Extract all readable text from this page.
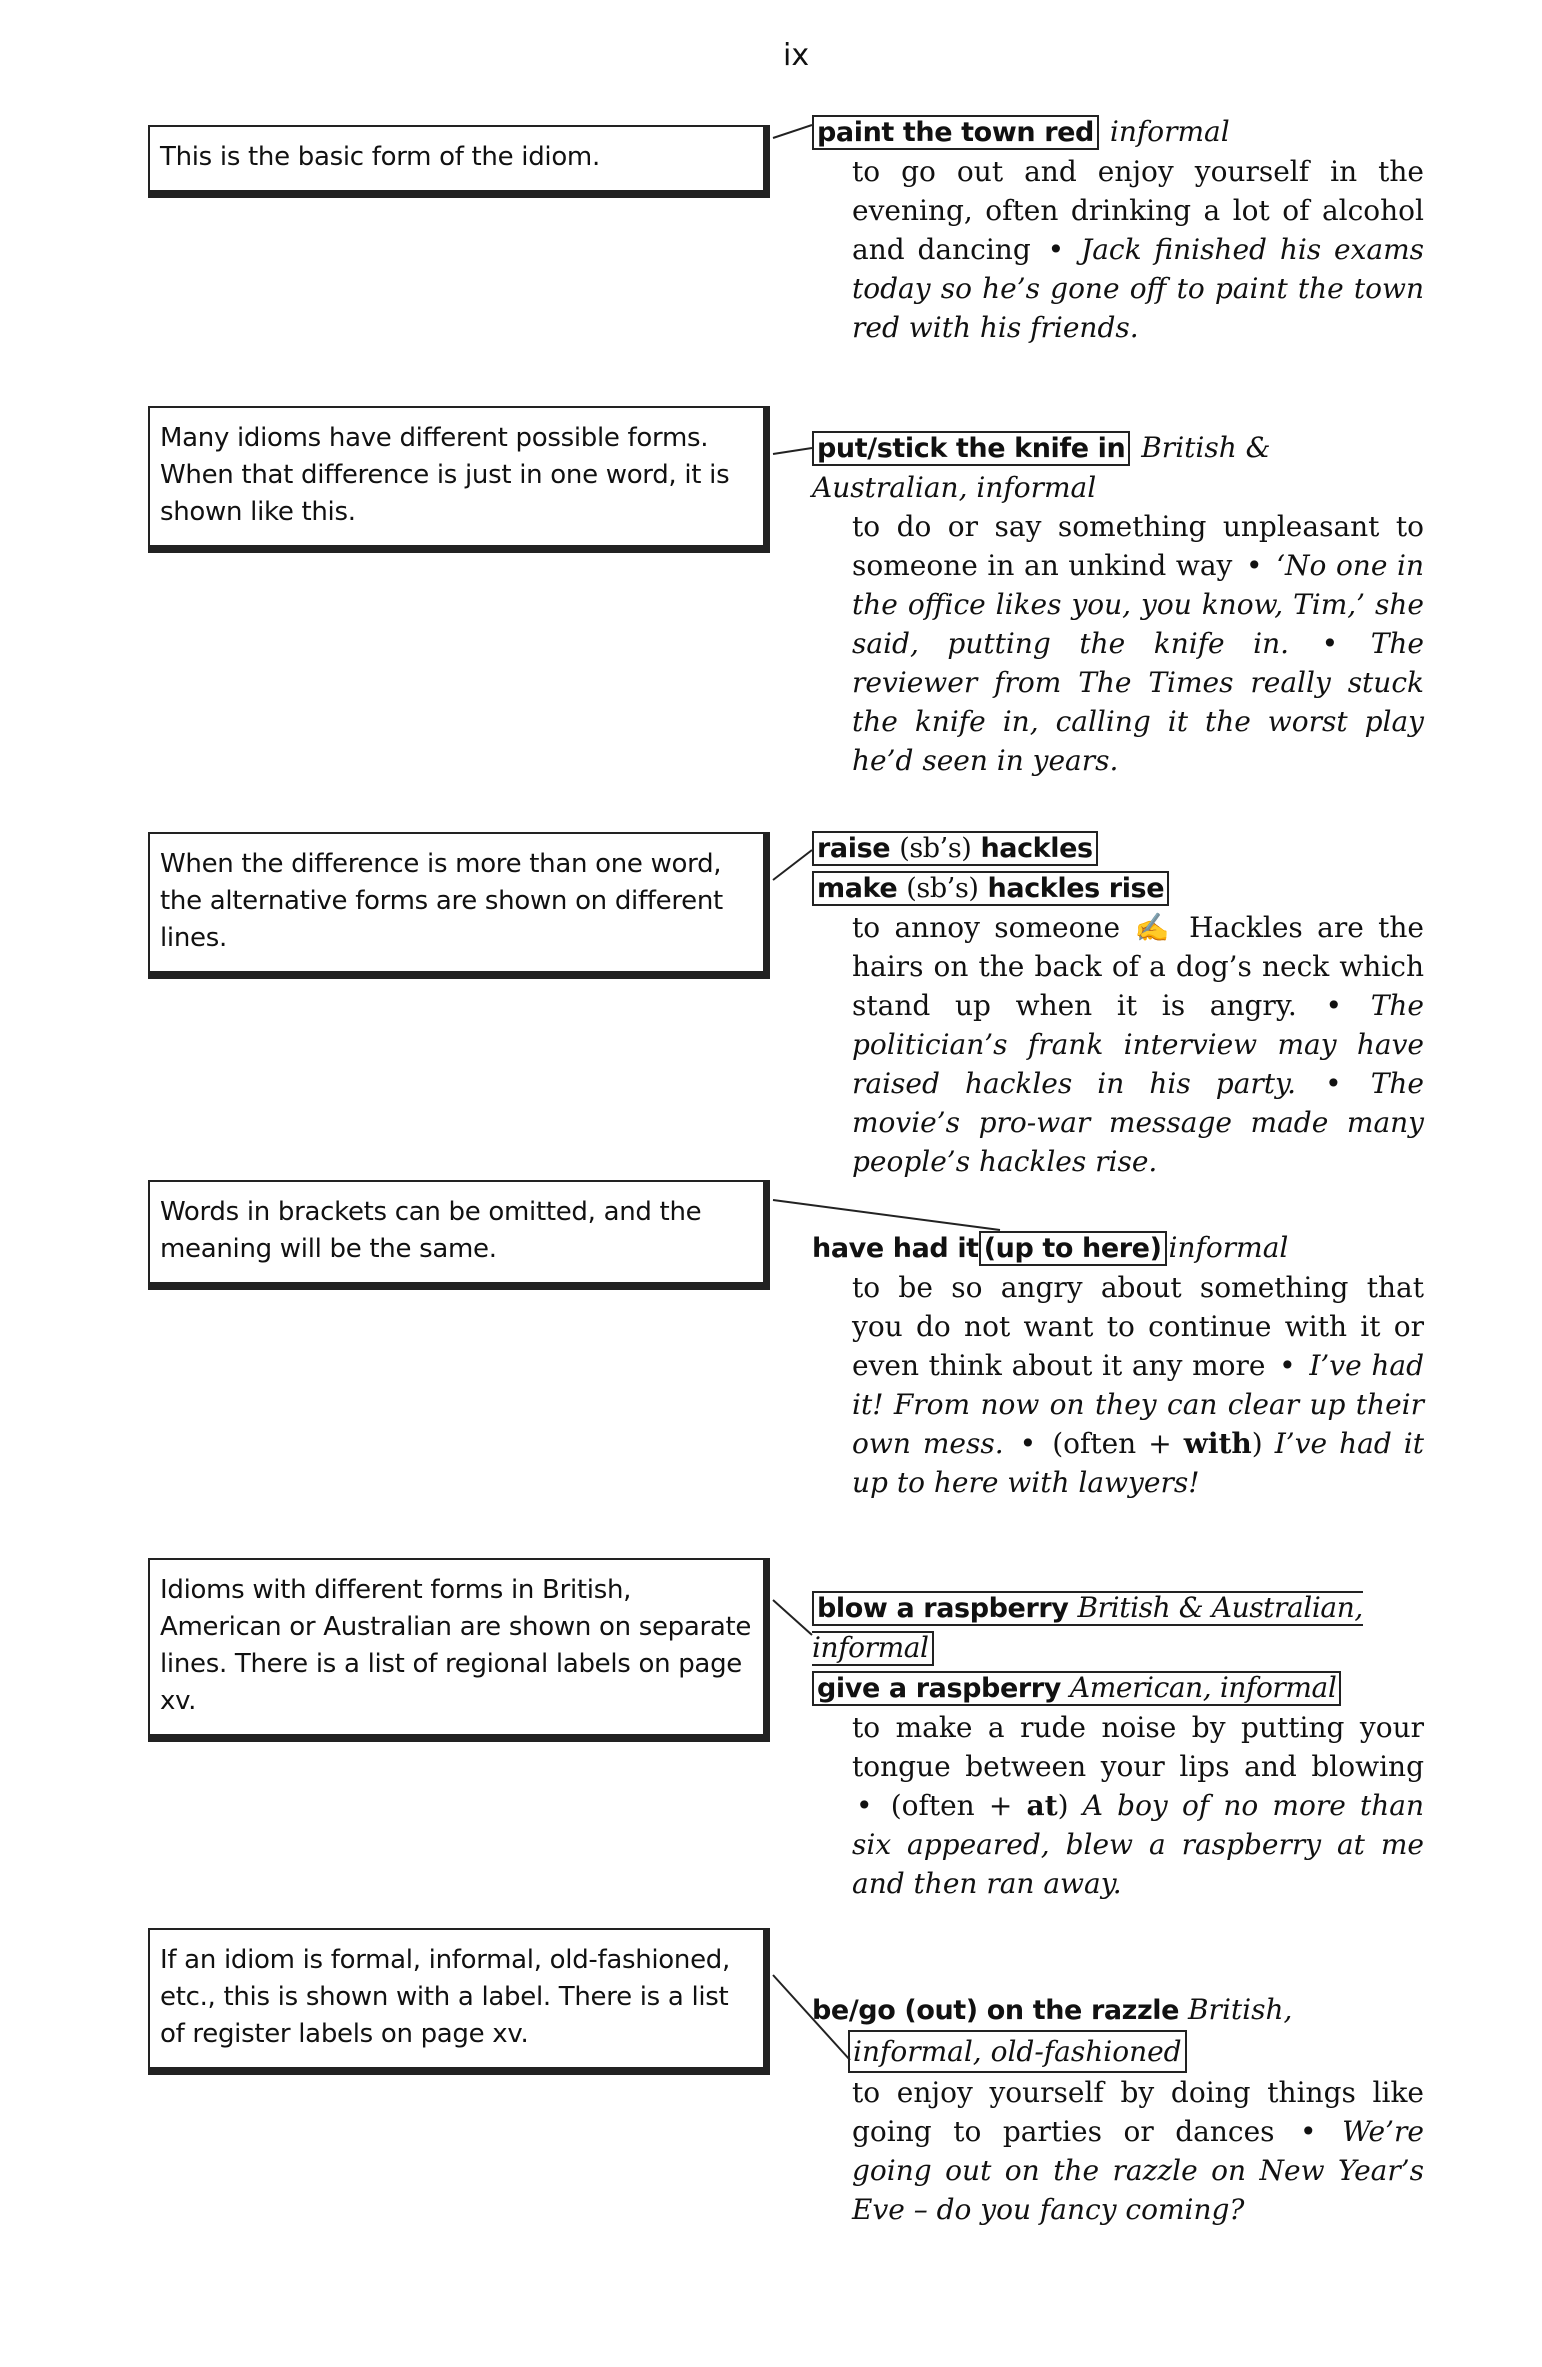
ix
This is the basic form of the idiom.
paint the town red informal
to go out and enjoy yourself in the evening, often drinking a lot of alcohol and dancing • Jack finished his exams today so he’s gone off to paint the town red with his friends.
Many idioms have different possible forms. When that difference is just in one word, it is shown like this.
put/stick the knife in British & Australian, informal
to do or say something unpleasant to someone in an unkind way • ‘No one in the office likes you, you know, Tim,’ she said, putting the knife in. • The reviewer from The Times really stuck the knife in, calling it the worst play he’d seen in years.
When the difference is more than one word, the alternative forms are shown on different lines.
raise (sb’s) hackles
make (sb’s) hackles rise
to annoy someone ✍ Hackles are the hairs on the back of a dog’s neck which stand up when it is angry. • The politician’s frank interview may have raised hackles in his party. • The movie’s pro-war message made many people’s hackles rise.
Words in brackets can be omitted, and the meaning will be the same.	have had it (up to here) informal
to be so angry about something that you do not want to continue with it or even think about it any more • I’ve had it! From now on they can clear up their own mess. • (often + with) I’ve had it up to here with lawyers!
Idioms with different forms in British, American or Australian are shown on separate lines. There is a list of regional labels on page xv.
blow a raspberry British & Australian, informal
give a raspberry American, informal
to make a rude noise by putting your tongue between your lips and blowing • (often + at) A boy of no more than six appeared, blew a raspberry at me and then ran away.
If an idiom is formal, informal, old-fashioned, etc., this is shown with a label. There is a list of register labels on page xv.
be/go (out) on the razzle British,
informal, old-fashioned
to enjoy yourself by doing things like going to parties or dances • We’re going out on the razzle on New Year’s Eve – do you fancy coming?
